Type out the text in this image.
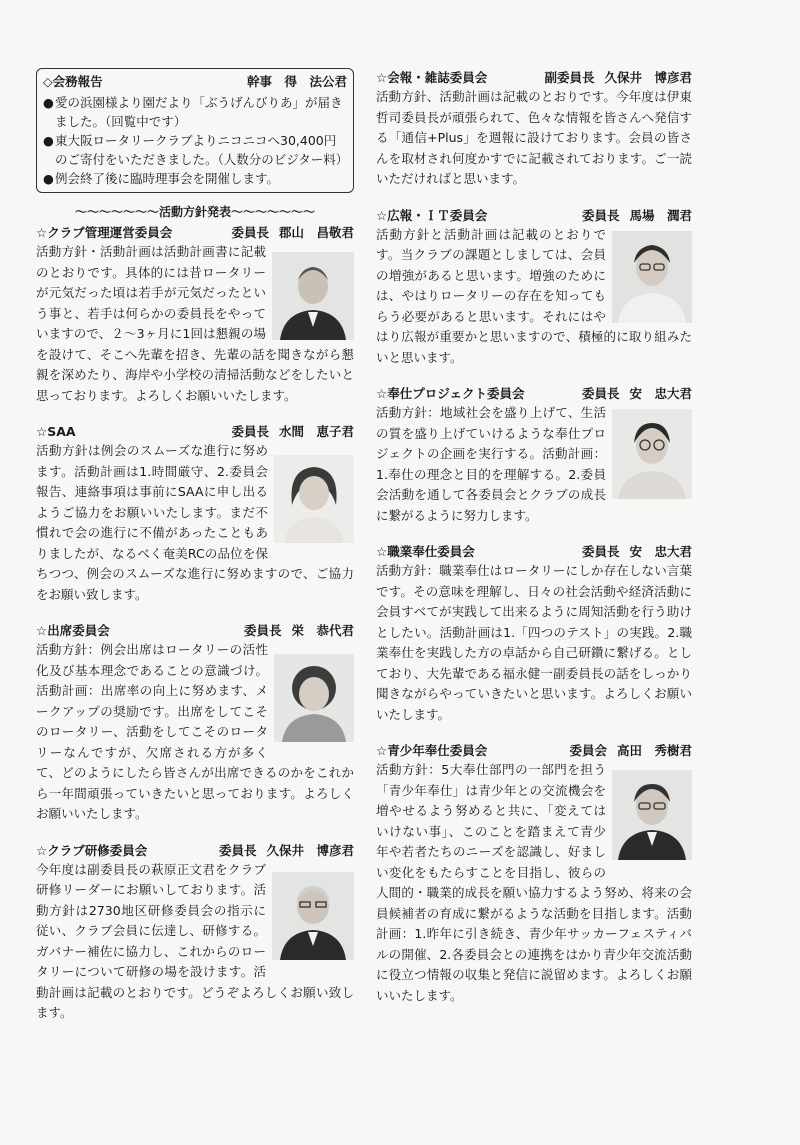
◇会務報告	幹事　 得　法公君
● 愛の浜園様より園だより「ぶうげんびりあ」が届きました。（回覧中です）
● 東大阪ロータリークラブよりニコニコへ30,400円のご寄付をいただきました。（人数分のビジター料）
● 例会終了後に臨時理事会を開催します。
〜〜〜〜〜〜〜活動方針発表〜〜〜〜〜〜〜
☆クラブ管理運営委員会	委員長 郡山　昌敬君
活動方針・活動計画は活動計画書に記載のとおりです。具体的には昔ロータリーが元気だった頃は若手が元気だったという事と、若手は何らかの委員長をやっていますので、２〜3ヶ月に1回は懇親の場を設けて、そこへ先輩を招き、先輩の話を聞きながら懇親を深めたり、海岸や小学校の清掃活動などをしたいと思っております。よろしくお願いいたします。
☆SAA	委員長 水間　恵子君
活動方針は例会のスムーズな進行に努めます。活動計画は1.時間厳守、2.委員会報告、連絡事項は事前にSAAに申し出るようご協力をお願いいたします。まだ不慣れで会の進行に不備があったこともありましたが、なるべく奄美RCの品位を保ちつつ、例会のスムーズな進行に努めますので、ご協力をお願い致します。
☆出席委員会	委員長 栄　恭代君
活動方針：例会出席はロータリーの活性化及び基本理念であることの意識づけ。活動計画：出席率の向上に努めます、メークアップの奨励です。出席をしてこそのロータリー、活動をしてこそのロータリーなんですが、欠席される方が多くて、どのようにしたら皆さんが出席できるのかをこれから一年間頑張っていきたいと思っております。よろしくお願いいたします。
☆クラブ研修委員会	委員長 久保井　博彦君
今年度は副委員長の萩原正文君をクラブ研修リーダーにお願いしております。活動方針は2730地区研修委員会の指示に従い、クラブ会員に伝達し、研修する。ガバナー補佐に協力し、これからのロータリーについて研修の場を設けます。活動計画は記載のとおりです。どうぞよろしくお願い致します。
☆会報・雑誌委員会	副委員長 久保井　博彦君
活動方針、活動計画は記載のとおりです。今年度は伊東哲司委員長が頑張られて、色々な情報を皆さんへ発信する「通信+Plus」を週報に設けております。会員の皆さんを取材され何度かすでに記載されております。ご一読いただければと思います。
☆広報・ＩＴ委員会	委員長 馬場　潤君
活動方針と活動計画は記載のとおりです。当クラブの課題としましては、会員の増強があると思います。増強のためには、やはりロータリーの存在を知ってもらう必要があると思います。それにはやはり広報が重要かと思いますので、積極的に取り組みたいと思います。
☆奉仕プロジェクト委員会	委員長 安　忠大君
活動方針：地域社会を盛り上げて、生活の質を盛り上げていけるような奉仕プロジェクトの企画を実行する。活動計画：1.奉仕の理念と目的を理解する。2.委員会活動を通して各委員会とクラブの成長に繋がるように努力します。
☆職業奉仕委員会	委員長 安　忠大君
活動方針：職業奉仕はロータリーにしか存在しない言葉です。その意味を理解し、日々の社会活動や経済活動に会員すべてが実践して出来るように周知活動を行う助けとしたい。活動計画は1.「四つのテスト」の実践。2.職業奉仕を実践した方の卓話から自己研鑽に繋げる。としており、大先輩である福永健一副委員長の話をしっかり聞きながらやっていきたいと思います。よろしくお願いいたします。
☆青少年奉仕委員会	委員会 高田　秀樹君
活動方針：5大奉仕部門の一部門を担う「青少年奉仕」は青少年との交流機会を増やせるよう努めると共に、「変えてはいけない事」、このことを踏まえて青少年や若者たちのニーズを認識し、好ましい変化をもたらすことを目指し、彼らの人間的・職業的成長を願い協力するよう努め、将来の会員候補者の育成に繋がるような活動を目指します。活動計画：1.昨年に引き続き、青少年サッカーフェスティバルの開催、2.各委員会との連携をはかり青少年交流活動に役立つ情報の収集と発信に説留めます。よろしくお願いいたします。
